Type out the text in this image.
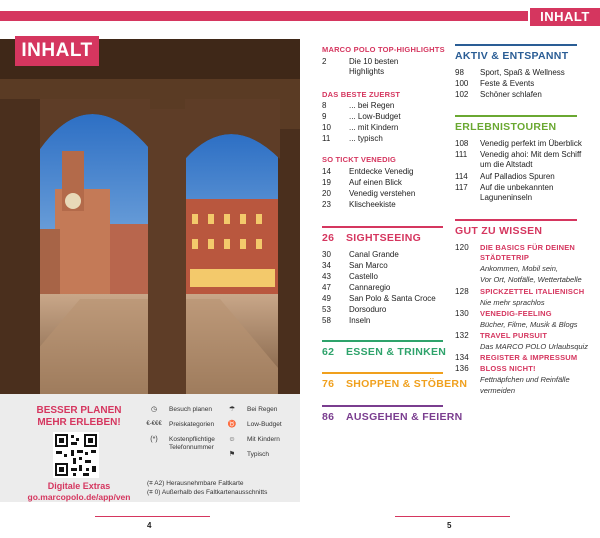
INHALT
INHALT
BESSER PLANEN
MEHR ERLEBEN!
Digitale Extras
go.marcopolo.de/app/ven
◷	Besuch planen
€-€€€	Preiskategorien
(*)	Kostenpflichtige Telefonnummer
☂	Bei Regen
♉	Low-Budget
☺	Mit Kindern
⚑	Typisch
(⌗ A2) Herausnehmbare Faltkarte
(⌗ 0) Außerhalb des Faltkartenausschnitts
4	5
MARCO POLO TOP-HIGHLIGHTS
2	Die 10 besten
Highlights
DAS BESTE ZUERST
8	... bei Regen
9	... Low-Budget
10	... mit Kindern
11	... typisch
SO TICKT VENEDIG
14	Entdecke Venedig
19	Auf einen Blick
20	Venedig verstehen
23	Klischeekiste
26 SIGHTSEEING
30	Canal Grande
34	San Marco
43	Castello
47	Cannaregio
49	San Polo & Santa Croce
53	Dorsoduro
58	Inseln
62 ESSEN & TRINKEN
76 SHOPPEN & STÖBERN
86 AUSGEHEN & FEIERN
AKTIV & ENTSPANNT
98	Sport, Spaß & Wellness
100	Feste & Events
102	Schöner schlafen
ERLEBNISTOUREN
108	Venedig perfekt im Überblick
111	Venedig ahoi: Mit dem Schiff
um die Altstadt
114	Auf Palladios Spuren
117	Auf die unbekannten
Laguneninseln
GUT ZU WISSEN
120	DIE BASICS FÜR DEINEN
STÄDTETRIP
Ankommen, Mobil sein,
Vor Ort, Notfälle, Wettertabelle
128	SPICKZETTEL ITALIENISCH
Nie mehr sprachlos
130	VENEDIG-FEELING
Bücher, Filme, Musik & Blogs
132	TRAVEL PURSUIT
Das MARCO POLO Urlaubsquiz
134	REGISTER & IMPRESSUM
136	BLOSS NICHT!
Fettnäpfchen und Reinfälle
vermeiden
